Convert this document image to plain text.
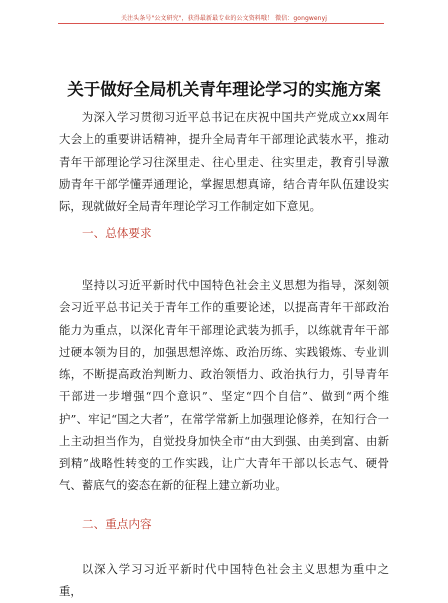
关注头条号"公文研究"，获得最新最专业的公文资料哦！ 微信：gongwenyj
关于做好全局机关青年理论学习的实施方案

为深入学习贯彻习近平总书记在庆祝中国共产党成立xx周年大会上的重要讲话精神，提升全局青年干部理论武装水平，推动青年干部理论学习往深里走、往心里走、往实里走，教育引导激励青年干部学懂弄通理论，掌握思想真谛，结合青年队伍建设实际，现就做好全局青年理论学习工作制定如下意见。

一、总体要求

坚持以习近平新时代中国特色社会主义思想为指导，深刻领会习近平总书记关于青年工作的重要论述，以提高青年干部政治能力为重点，以深化青年干部理论武装为抓手，以练就青年干部过硬本领为目的，加强思想淬炼、政治历练、实践锻炼、专业训练，不断提高政治判断力、政治领悟力、政治执行力，引导青年干部进一步增强“四个意识”、坚定“四个自信”、做到“两个维护”、牢记“国之大者”，在常学常新上加强理论修养，在知行合一上主动担当作为，自觉投身加快全市“由大到强、由美到富、由新到精”战略性转变的工作实践，让广大青年干部以长志气、硬骨气、蓄底气的姿态在新的征程上建立新功业。

二、重点内容

以深入学习习近平新时代中国特色社会主义思想为重中之重，
